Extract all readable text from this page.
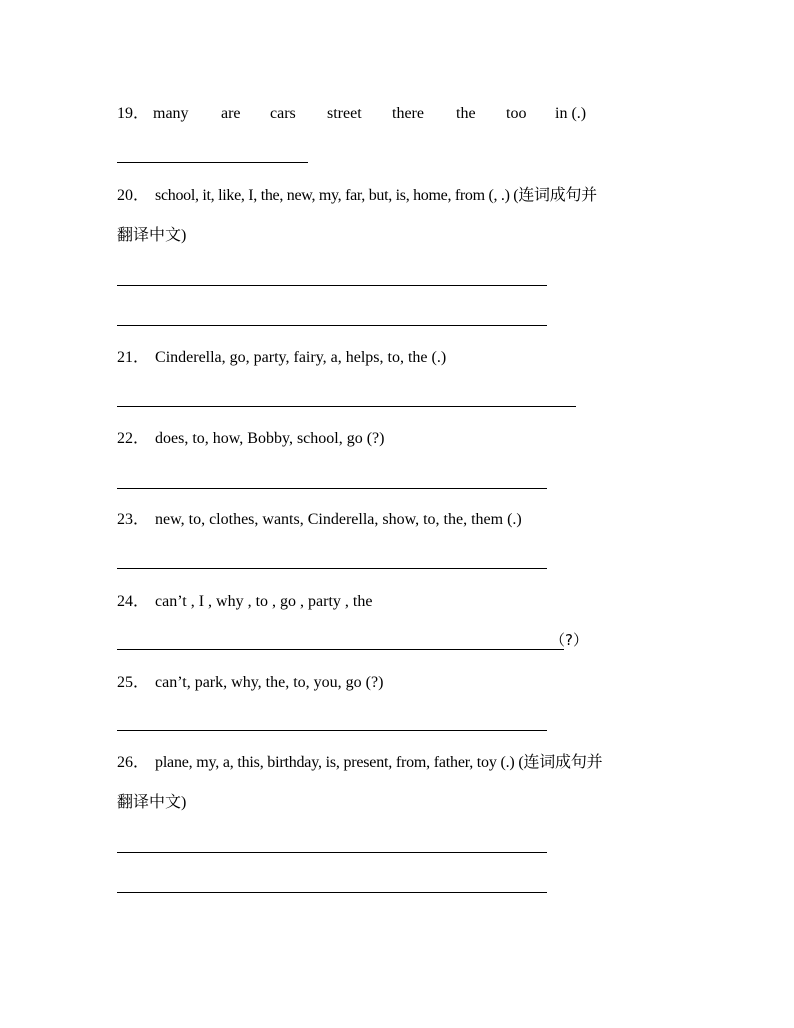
19． many are cars street there the too in (.)
20． school, it, like, I, the, new, my, far, but, is, home, from (, .) (连词成句并
翻译中文)
21． Cinderella, go, party, fairy, a, helps, to, the (.)
22． does, to, how, Bobby, school, go (?)
23． new, to, clothes, wants, Cinderella, show, to, the, them (.)
24． can’t , I , why , to , go , party , the
（?）
25． can’t, park, why, the, to, you, go (?)
26． plane, my, a, this, birthday, is, present, from, father, toy (.) (连词成句并
翻译中文)
